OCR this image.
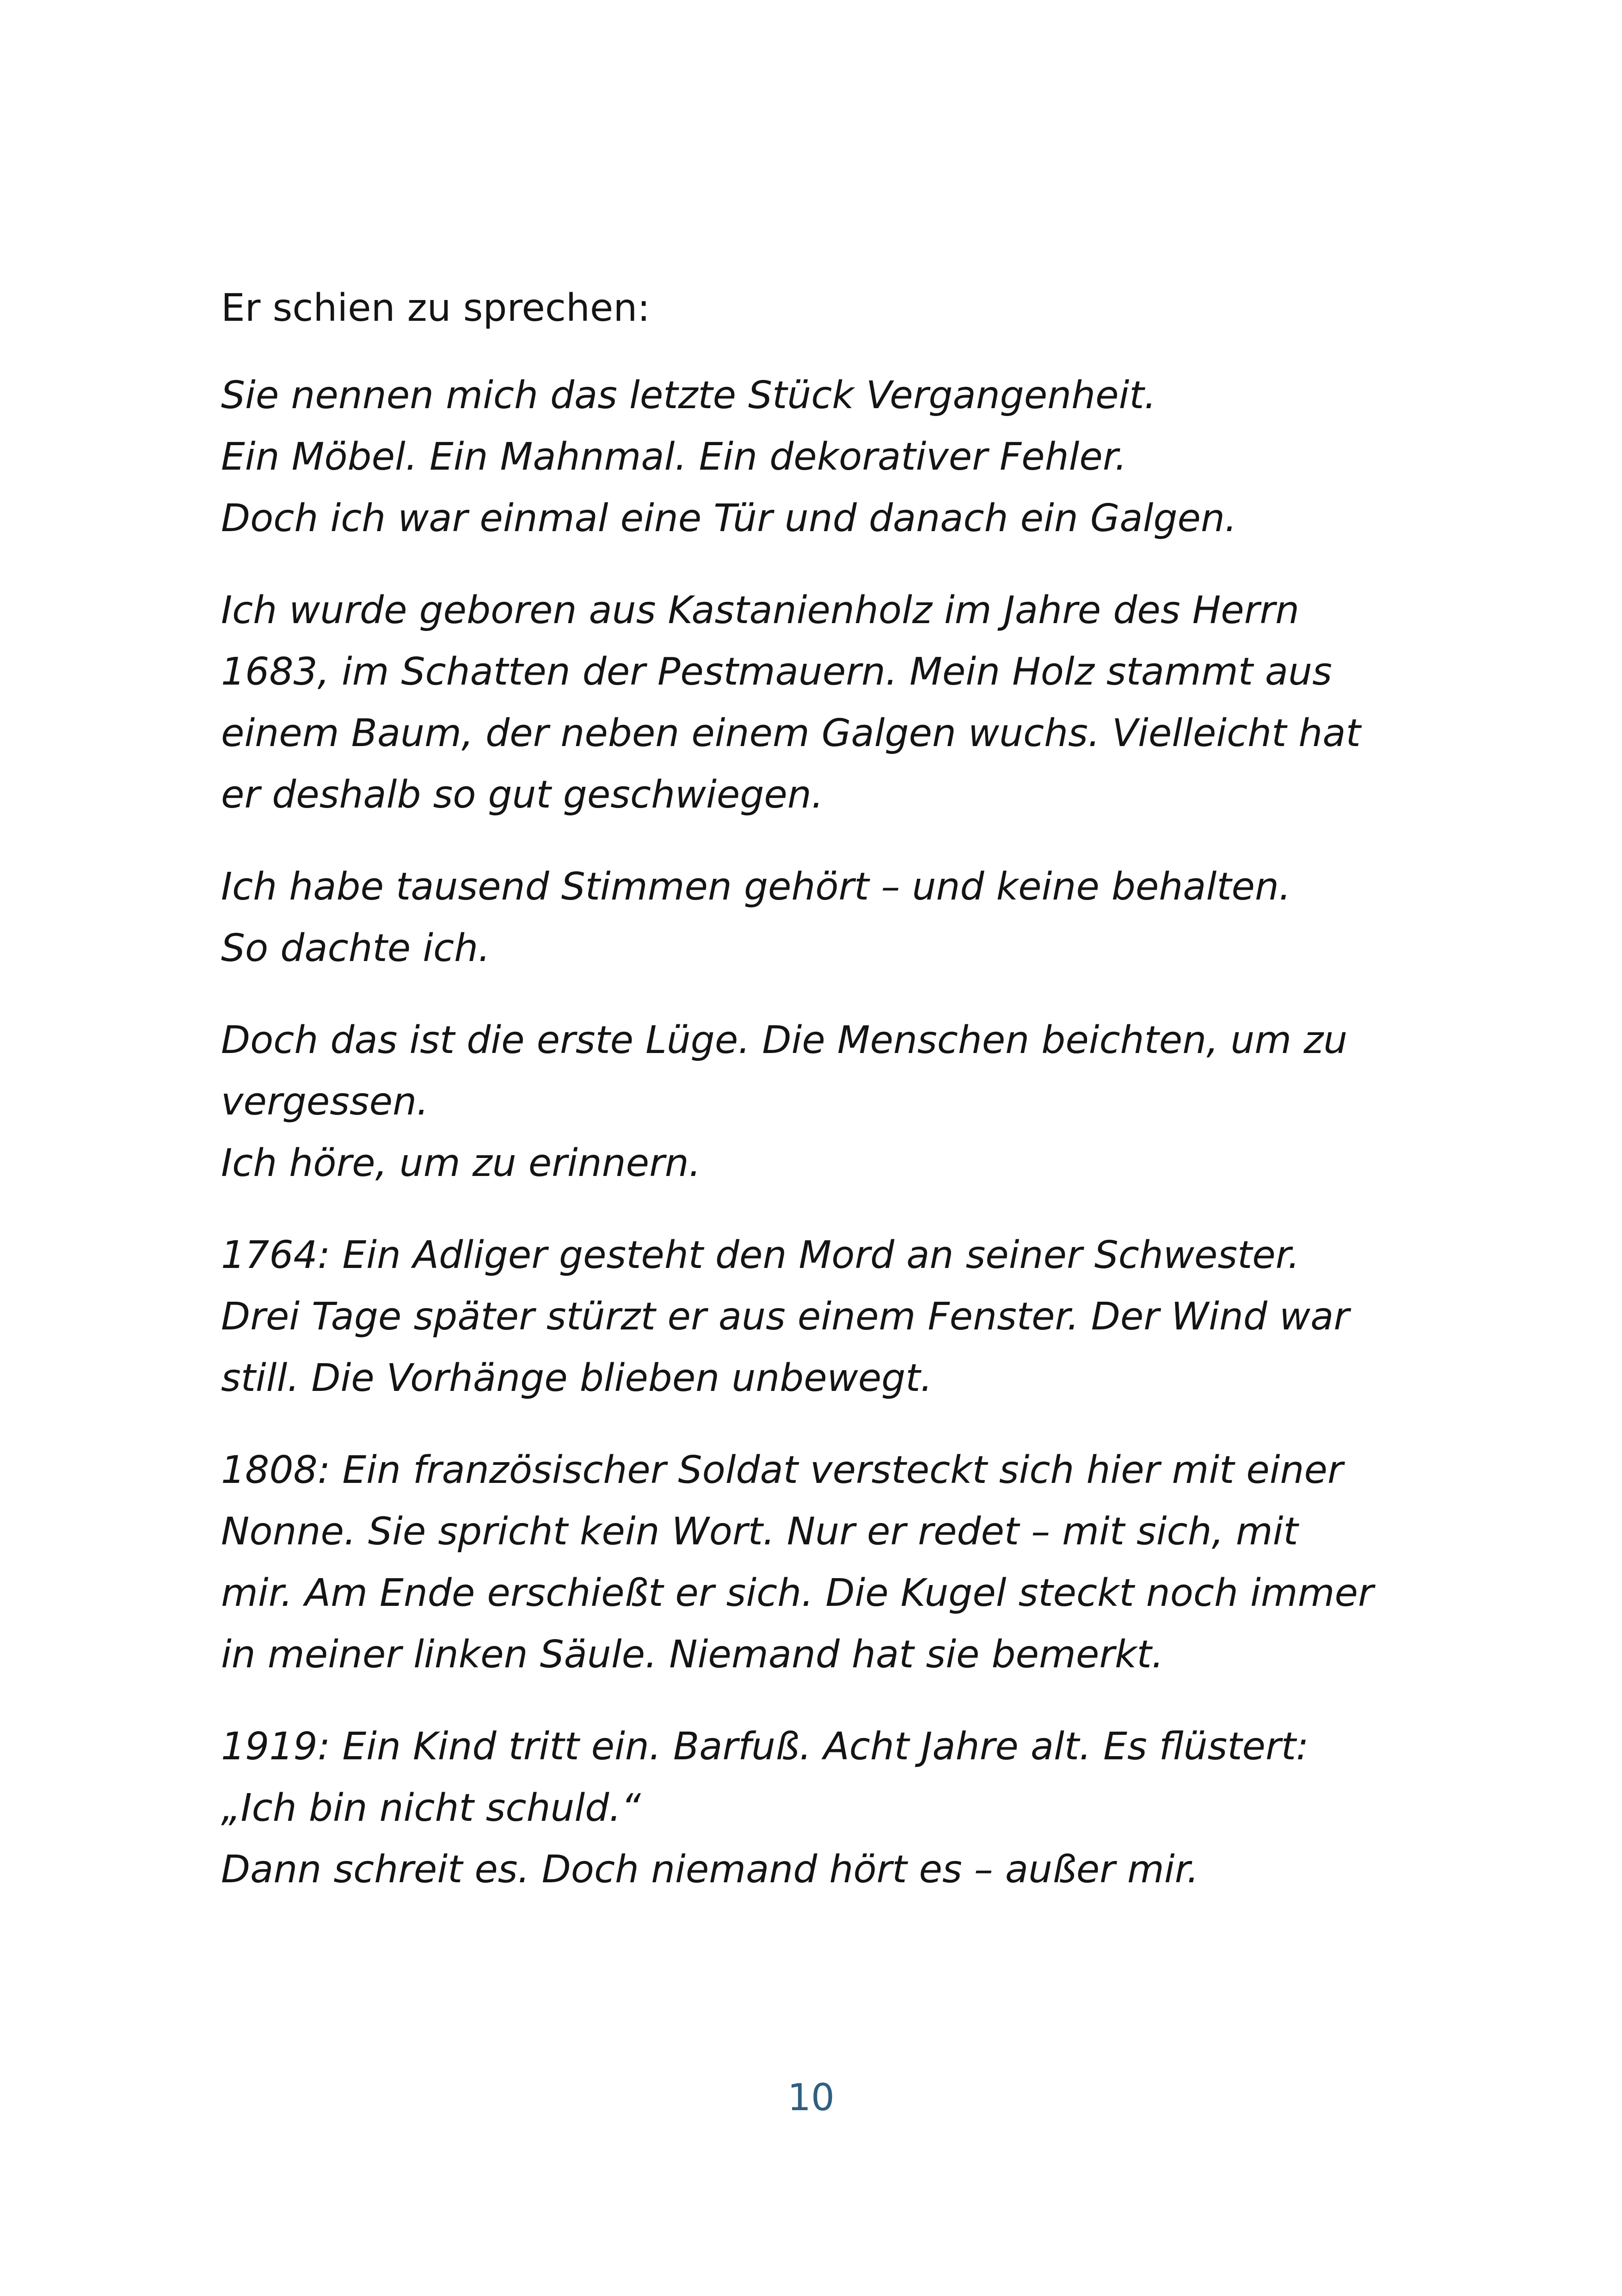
Er schien zu sprechen:

Sie nennen mich das letzte Stück Vergangenheit.
Ein Möbel. Ein Mahnmal. Ein dekorativer Fehler.
Doch ich war einmal eine Tür und danach ein Galgen.

Ich wurde geboren aus Kastanienholz im Jahre des Herrn
1683, im Schatten der Pestmauern. Mein Holz stammt aus
einem Baum, der neben einem Galgen wuchs. Vielleicht hat
er deshalb so gut geschwiegen.

Ich habe tausend Stimmen gehört – und keine behalten.
So dachte ich.

Doch das ist die erste Lüge. Die Menschen beichten, um zu
vergessen.
Ich höre, um zu erinnern.

1764: Ein Adliger gesteht den Mord an seiner Schwester.
Drei Tage später stürzt er aus einem Fenster. Der Wind war
still. Die Vorhänge blieben unbewegt.

1808: Ein französischer Soldat versteckt sich hier mit einer
Nonne. Sie spricht kein Wort. Nur er redet – mit sich, mit
mir. Am Ende erschießt er sich. Die Kugel steckt noch immer
in meiner linken Säule. Niemand hat sie bemerkt.

1919: Ein Kind tritt ein. Barfuß. Acht Jahre alt. Es flüstert:
„Ich bin nicht schuld.“
Dann schreit es. Doch niemand hört es – außer mir.

10
